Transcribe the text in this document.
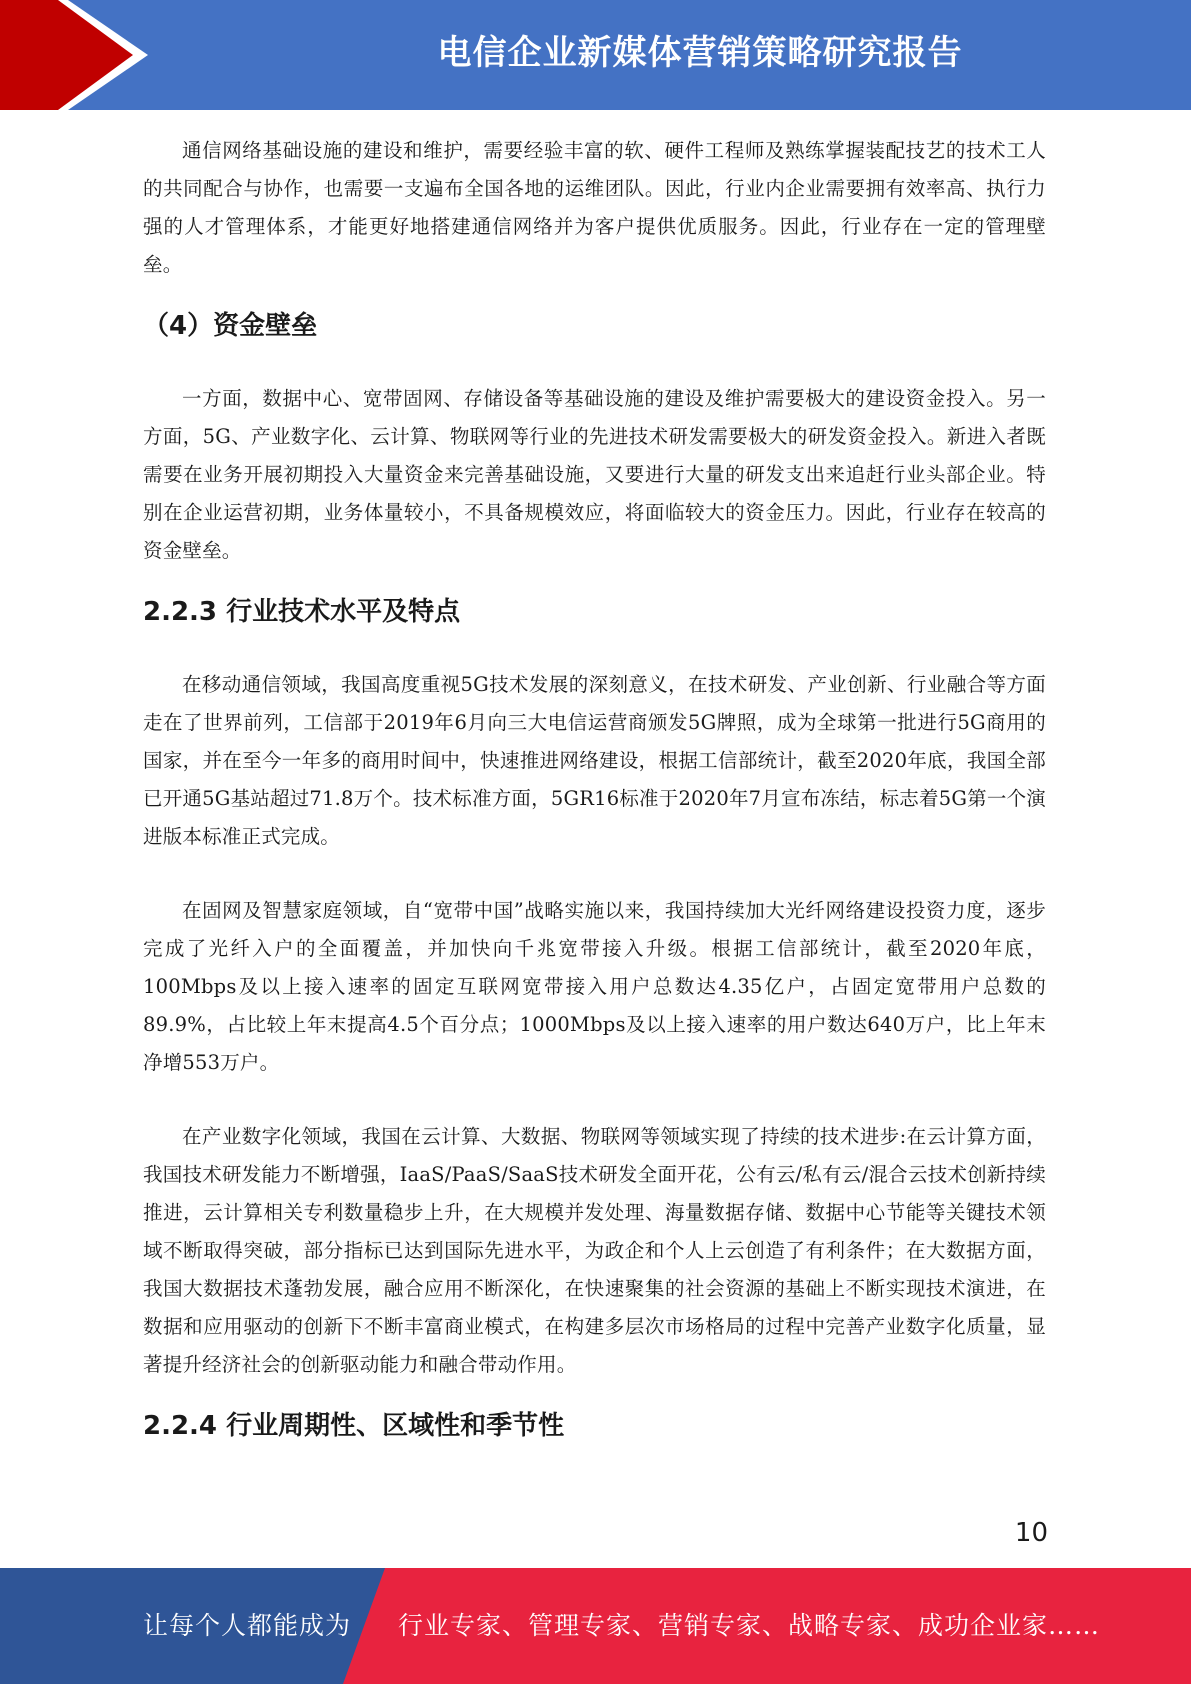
电信企业新媒体营销策略研究报告

通信网络基础设施的建设和维护，需要经验丰富的软、硬件工程师及熟练掌握装配技艺的技术工人的共同配合与协作，也需要一支遍布全国各地的运维团队。因此，行业内企业需要拥有效率高、执行力强的人才管理体系，才能更好地搭建通信网络并为客户提供优质服务。因此，行业存在一定的管理壁垒。

（4）资金壁垒

一方面，数据中心、宽带固网、存储设备等基础设施的建设及维护需要极大的建设资金投入。另一方面，5G、产业数字化、云计算、物联网等行业的先进技术研发需要极大的研发资金投入。新进入者既需要在业务开展初期投入大量资金来完善基础设施，又要进行大量的研发支出来追赶行业头部企业。特别在企业运营初期，业务体量较小，不具备规模效应，将面临较大的资金压力。因此，行业存在较高的资金壁垒。

2.2.3 行业技术水平及特点

在移动通信领域，我国高度重视5G技术发展的深刻意义，在技术研发、产业创新、行业融合等方面走在了世界前列，工信部于2019年6月向三大电信运营商颁发5G牌照，成为全球第一批进行5G商用的国家，并在至今一年多的商用时间中，快速推进网络建设，根据工信部统计，截至2020年底，我国全部已开通5G基站超过71.8万个。技术标准方面，5GR16标准于2020年7月宣布冻结，标志着5G第一个演进版本标准正式完成。

在固网及智慧家庭领域，自“宽带中国”战略实施以来，我国持续加大光纤网络建设投资力度，逐步完成了光纤入户的全面覆盖，并加快向千兆宽带接入升级。根据工信部统计，截至2020年底，100Mbps及以上接入速率的固定互联网宽带接入用户总数达4.35亿户，占固定宽带用户总数的89.9%，占比较上年末提高4.5个百分点；1000Mbps及以上接入速率的用户数达640万户，比上年末净增553万户。

在产业数字化领域，我国在云计算、大数据、物联网等领域实现了持续的技术进步:在云计算方面，我国技术研发能力不断增强，IaaS/PaaS/SaaS技术研发全面开花，公有云/私有云/混合云技术创新持续推进，云计算相关专利数量稳步上升，在大规模并发处理、海量数据存储、数据中心节能等关键技术领域不断取得突破，部分指标已达到国际先进水平，为政企和个人上云创造了有利条件；在大数据方面，我国大数据技术蓬勃发展，融合应用不断深化，在快速聚集的社会资源的基础上不断实现技术演进，在数据和应用驱动的创新下不断丰富商业模式，在构建多层次市场格局的过程中完善产业数字化质量，显著提升经济社会的创新驱动能力和融合带动作用。

2.2.4 行业周期性、区域性和季节性
10
让每个人都能成为 行业专家、管理专家、营销专家、战略专家、成功企业家……
